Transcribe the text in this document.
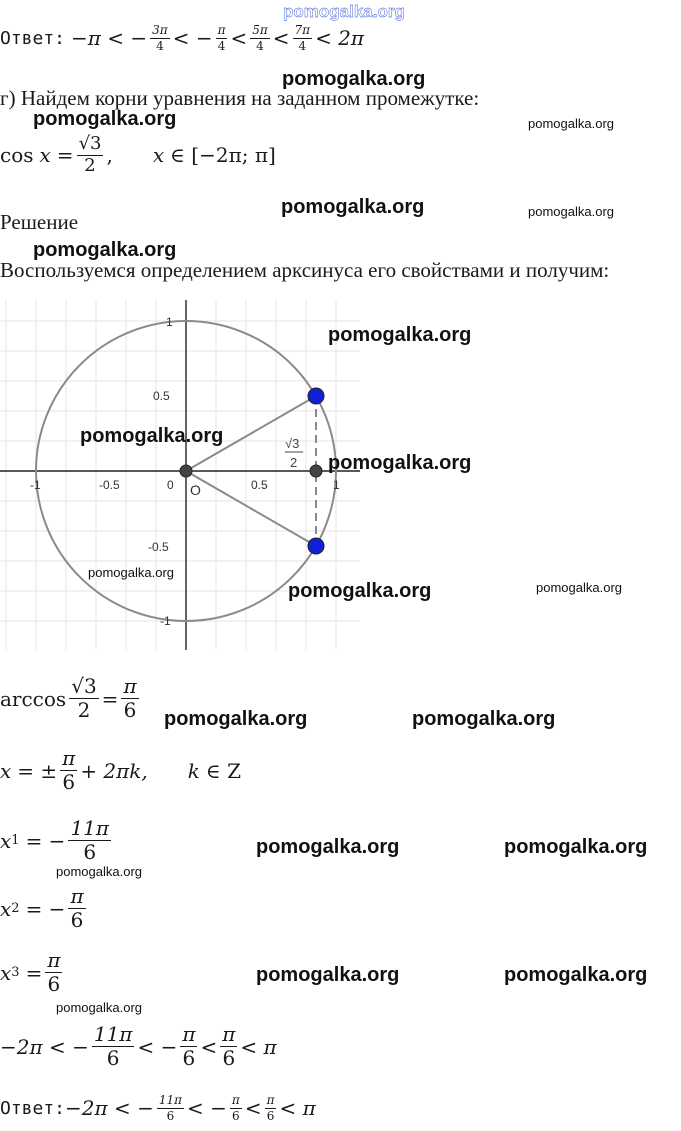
pomogalka.org
Ответ: −π < − $\frac{3\pi}{4}$ < − $\frac{\pi}{4} < \frac{5\pi}{4} < \frac{7\pi}{4} < 2\pi$
pomogalka.org
г) Найдем корни уравнения на заданном промежутке:
pomogalka.org	pomogalka.org
$\cos x = \frac{√3}{2}$ , x ∈ [−2π; π]
Решение
pomogalka.org	pomogalka.org
pomogalka.org
Воспользуемся определением арксинуса его свойствами и получим:
1
0.5
-0.5
-1
-1	-0.5	0	0.5	1
O
√3
2
pomogalka.org
pomogalka.org
pomogalka.org
pomogalka.org
pomogalka.org	pomogalka.org
$\arccos \frac{√3}{2} = \frac{\pi}{6}$ pomogalka.org	pomogalka.org
x = ± $\frac{\pi}{6} + 2\pi$ k, k ∈ Z
x 1 = − $\frac{11\pi}{6}$	pomogalka.org	pomogalka.org
pomogalka.org
x 2 = − $\frac{\pi}{6}$
x $3 = \frac{\pi}{6}$	pomogalka.org	pomogalka.org
pomogalka.org
−2π < − $\frac{11\pi}{6}$ < − $\frac{\pi}{6} < \frac{\pi}{6} < \pi$
Ответ: −2π < − $\frac{11\pi}{6}$ < − $\frac{\pi}{6} < \frac{\pi}{6} < \pi$
